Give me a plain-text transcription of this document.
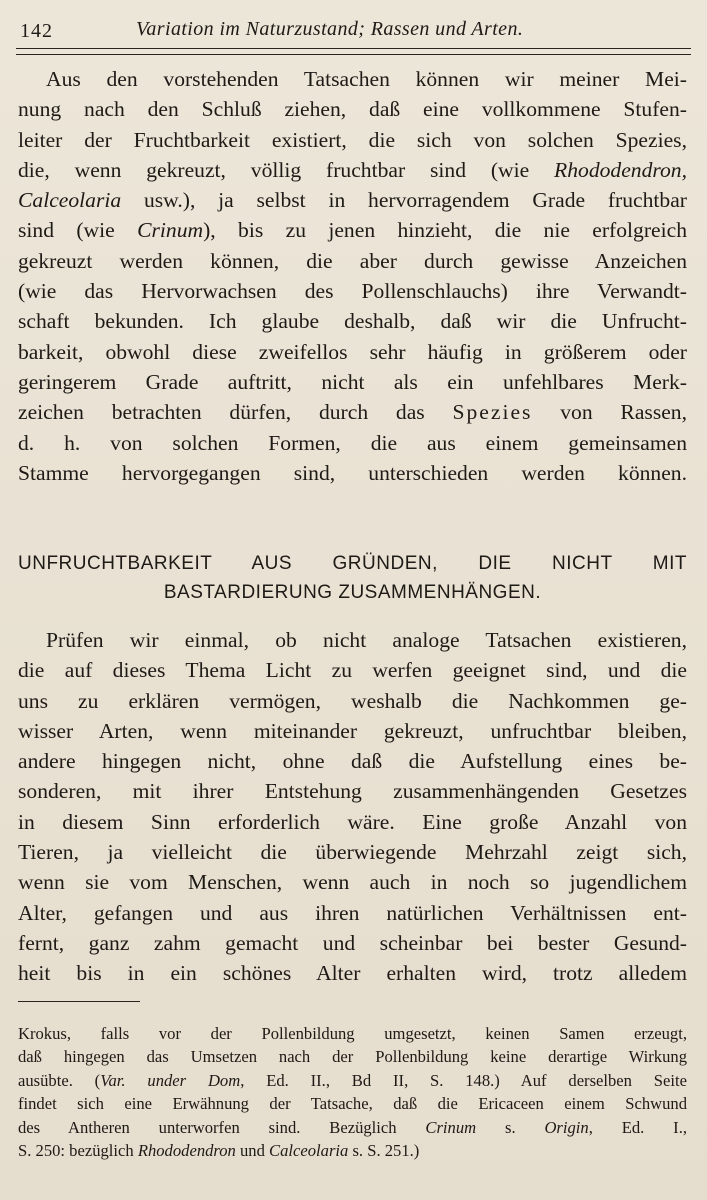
142	Variation im Naturzustand; Rassen und Arten.
Aus den vorstehenden Tatsachen können wir meiner Mei-
nung nach den Schluß ziehen, daß eine vollkommene Stufen-
leiter der Fruchtbarkeit existiert, die sich von solchen Spezies,
die, wenn gekreuzt, völlig fruchtbar sind (wie Rhododendron,
Calceolaria usw.), ja selbst in hervorragendem Grade fruchtbar
sind (wie Crinum), bis zu jenen hinzieht, die nie erfolgreich
gekreuzt werden können, die aber durch gewisse Anzeichen
(wie das Hervorwachsen des Pollenschlauchs) ihre Verwandt-
schaft bekunden. Ich glaube deshalb, daß wir die Unfrucht-
barkeit, obwohl diese zweifellos sehr häufig in größerem oder
geringerem Grade auftritt, nicht als ein unfehlbares Merk-
zeichen betrachten dürfen, durch das Spezies von Rassen,
d. h. von solchen Formen, die aus einem gemeinsamen
Stamme hervorgegangen sind, unterschieden werden können.
UNFRUCHTBARKEIT AUS GRÜNDEN, DIE NICHT MIT
BASTARDIERUNG ZUSAMMENHÄNGEN.
Prüfen wir einmal, ob nicht analoge Tatsachen existieren,
die auf dieses Thema Licht zu werfen geeignet sind, und die
uns zu erklären vermögen, weshalb die Nachkommen ge-
wisser Arten, wenn miteinander gekreuzt, unfruchtbar bleiben,
andere hingegen nicht, ohne daß die Aufstellung eines be-
sonderen, mit ihrer Entstehung zusammenhängenden Gesetzes
in diesem Sinn erforderlich wäre. Eine große Anzahl von
Tieren, ja vielleicht die überwiegende Mehrzahl zeigt sich,
wenn sie vom Menschen, wenn auch in noch so jugendlichem
Alter, gefangen und aus ihren natürlichen Verhältnissen ent-
fernt, ganz zahm gemacht und scheinbar bei bester Gesund-
heit bis in ein schönes Alter erhalten wird, trotz alledem
Krokus, falls vor der Pollenbildung umgesetzt, keinen Samen erzeugt,
daß hingegen das Umsetzen nach der Pollenbildung keine derartige Wirkung
ausübte. (Var. under Dom, Ed. II., Bd II, S. 148.) Auf derselben Seite
findet sich eine Erwähnung der Tatsache, daß die Ericaceen einem Schwund
des Antheren unterworfen sind. Bezüglich Crinum s. Origin, Ed. I.,
S. 250: bezüglich Rhododendron und Calceolaria s. S. 251.)
